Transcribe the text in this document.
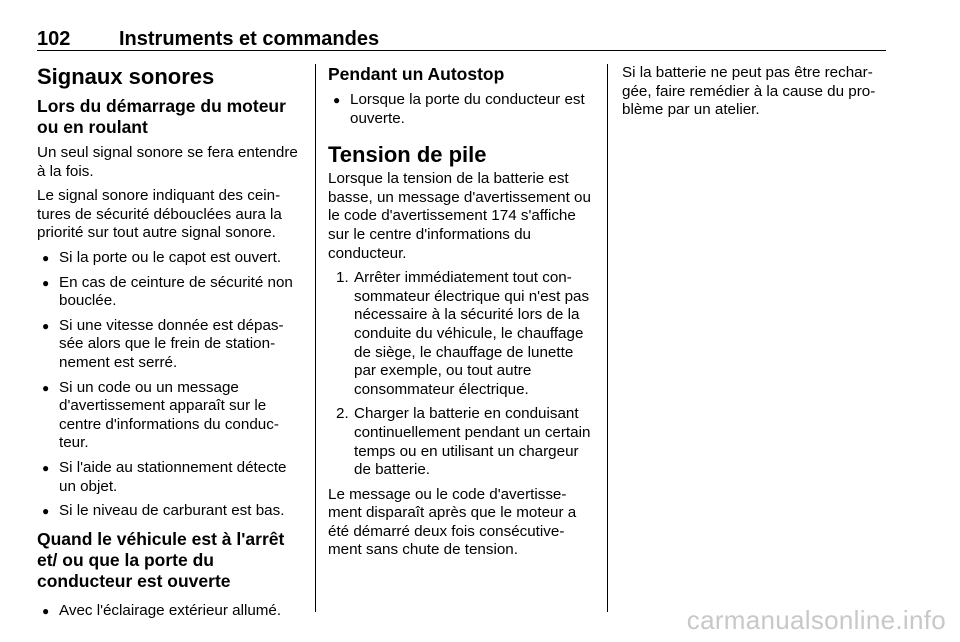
102 Instruments et commandes
Signaux sonores
Lors du démarrage du moteur ou en roulant

Un seul signal sonore se fera entendre à la fois.

Le signal sonore indiquant des ceintures de sécurité débouclées aura la priorité sur tout autre signal sonore.

● Si la porte ou le capot est ouvert.
● En cas de ceinture de sécurité non bouclée.
● Si une vitesse donnée est dépassée alors que le frein de stationnement est serré.
● Si un code ou un message d'avertissement apparaît sur le centre d'informations du conducteur.
● Si l'aide au stationnement détecte un objet.
● Si le niveau de carburant est bas.
Quand le véhicule est à l'arrêt et/ ou que la porte du conducteur est ouverte
● Avec l'éclairage extérieur allumé.
Pendant un Autostop
● Lorsque la porte du conducteur est ouverte.
Tension de pile

Lorsque la tension de la batterie est basse, un message d'avertissement ou le code d'avertissement 174 s'affiche sur le centre d'informations du conducteur.

1. Arrêter immédiatement tout consommateur électrique qui n'est pas nécessaire à la sécurité lors de la conduite du véhicule, le chauffage de siège, le chauffage de lunette par exemple, ou tout autre consommateur électrique.
2. Charger la batterie en conduisant continuellement pendant un certain temps ou en utilisant un chargeur de batterie.

Le message ou le code d'avertissement disparaît après que le moteur a été démarré deux fois consécutivement sans chute de tension.

Si la batterie ne peut pas être rechargée, faire remédier à la cause du problème par un atelier.

carmanualsonline.info
